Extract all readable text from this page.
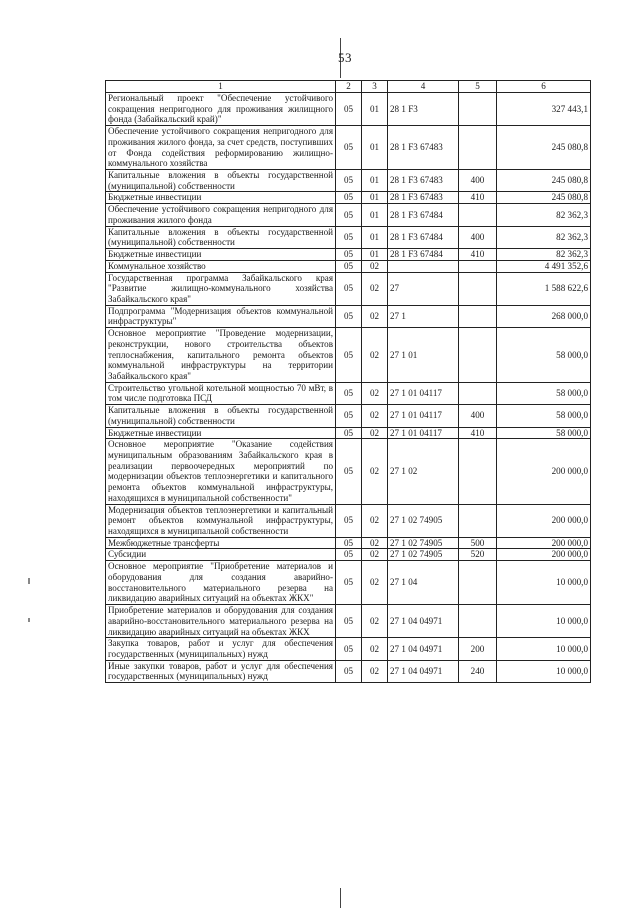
53
1	2	3	4	5	6
Региональный проект "Обеспечение устойчивого сокращения непригодного для проживания жилищного фонда (Забайкальский край)"	05	01	28 1 F3		327 443,1
Обеспечение устойчивого сокращения непригодного для проживания жилого фонда, за счет средств, поступивших от Фонда содействия реформированию жилищно-коммунального хозяйства	05	01	28 1 F3 67483		245 080,8
Капитальные вложения в объекты государственной (муниципальной) собственности	05	01	28 1 F3 67483	400	245 080,8
Бюджетные инвестиции	05	01	28 1 F3 67483	410	245 080,8
Обеспечение устойчивого сокращения непригодного для проживания жилого фонда	05	01	28 1 F3 67484		82 362,3
Капитальные вложения в объекты государственной (муниципальной) собственности	05	01	28 1 F3 67484	400	82 362,3
Бюджетные инвестиции	05	01	28 1 F3 67484	410	82 362,3
Коммунальное хозяйство	05	02			4 491 352,6
Государственная программа Забайкальского края "Развитие жилищно-коммунального хозяйства Забайкальского края"	05	02	27		1 588 622,6
Подпрограмма "Модернизация объектов коммунальной инфраструктуры"	05	02	27 1		268 000,0
Основное мероприятие "Проведение модернизации, реконструкции, нового строительства объектов теплоснабжения, капитального ремонта объектов коммунальной инфраструктуры на территории Забайкальского края"	05	02	27 1 01		58 000,0
Строительство угольной котельной мощностью 70 мВт, в том числе подготовка ПСД	05	02	27 1 01 04117		58 000,0
Капитальные вложения в объекты государственной (муниципальной) собственности	05	02	27 1 01 04117	400	58 000,0
Бюджетные инвестиции	05	02	27 1 01 04117	410	58 000,0
Основное мероприятие "Оказание содействия муниципальным образованиям Забайкальского края в реализации первоочередных мероприятий по модернизации объектов теплоэнергетики и капитального ремонта объектов коммунальной инфраструктуры, находящихся в муниципальной собственности"	05	02	27 1 02		200 000,0
Модернизация объектов теплоэнергетики и капитальный ремонт объектов коммунальной инфраструктуры, находящихся в муниципальной собственности	05	02	27 1 02 74905		200 000,0
Межбюджетные трансферты	05	02	27 1 02 74905	500	200 000,0
Субсидии	05	02	27 1 02 74905	520	200 000,0
Основное мероприятие "Приобретение материалов и оборудования для создания аварийно-восстановительного материального резерва на ликвидацию аварийных ситуаций на объектах ЖКХ"	05	02	27 1 04		10 000,0
Приобретение материалов и оборудования для создания аварийно-восстановительного материального резерва на ликвидацию аварийных ситуаций на объектах ЖКХ	05	02	27 1 04 04971		10 000,0
Закупка товаров, работ и услуг для обеспечения государственных (муниципальных) нужд	05	02	27 1 04 04971	200	10 000,0
Иные закупки товаров, работ и услуг для обеспечения государственных (муниципальных) нужд	05	02	27 1 04 04971	240	10 000,0
